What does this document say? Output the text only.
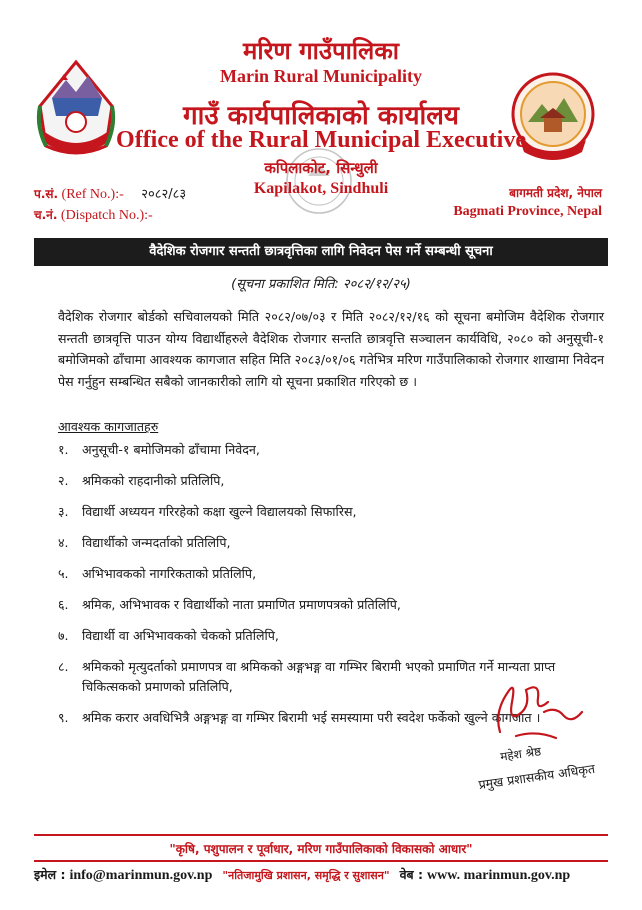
मरिण गाउँपालिका
Marin Rural Municipality
गाउँ कार्यपालिकाको कार्यालय
Office of the Rural Municipal Executive
कपिलाकोट, सिन्धुली
Kapilakot, Sindhuli
प.सं. (Ref No.):- २०८२/८३
च.नं. (Dispatch No.):-
बागमती प्रदेश, नेपाल
Bagmati Province, Nepal
वैदेशिक रोजगार सन्तती छात्रवृत्तिका लागि निवेदन पेस गर्ने सम्बन्धी सूचना
(सूचना प्रकाशित मिति: २०८२/१२/२५)
वैदेशिक रोजगार बोर्डको सचिवालयको मिति २०८२/०७/०३ र मिति २०८२/१२/१६ को सूचना बमोजिम वैदेशिक रोजगार सन्तती छात्रवृत्ति पाउन योग्य विद्यार्थीहरुले वैदेशिक रोजगार सन्तति छात्रवृत्ति सञ्चालन कार्यविधि, २०८० को अनुसूची-१ बमोजिमको ढाँचामा आवश्यक कागजात सहित मिति २०८३/०१/०६ गतेभित्र मरिण गाउँपालिकाको रोजगार शाखामा निवेदन पेस गर्नुहुन सम्बन्धित सबैको जानकारीको लागि यो सूचना प्रकाशित गरिएको छ ।
आवश्यक कागजातहरु
१.	अनुसूची-१ बमोजिमको ढाँचामा निवेदन,
२.	श्रमिकको राहदानीको प्रतिलिपि,
३.	विद्यार्थी अध्ययन गरिरहेको कक्षा खुल्ने विद्यालयको सिफारिस,
४.	विद्यार्थीको जन्मदर्ताको प्रतिलिपि,
५.	अभिभावकको नागरिकताको प्रतिलिपि,
६.	श्रमिक, अभिभावक र विद्यार्थीको नाता प्रमाणित प्रमाणपत्रको प्रतिलिपि,
७.	विद्यार्थी वा अभिभावकको चेकको प्रतिलिपि,
८.	श्रमिकको मृत्युदर्ताको प्रमाणपत्र वा श्रमिकको अङ्गभङ्ग वा गम्भिर बिरामी भएको प्रमाणित गर्ने मान्यता प्राप्त चिकित्सकको प्रमाणको प्रतिलिपि,
९.	श्रमिक करार अवधिभित्रै अङ्गभङ्ग वा गम्भिर बिरामी भई समस्यामा परी स्वदेश फर्केको खुल्ने कागजात ।
महेश श्रेष्ठ
प्रमुख प्रशासकीय अधिकृत
"कृषि, पशुपालन र पूर्वाधार, मरिण गाउँपालिकाको विकासको आधार"
इमेल : info@marinmun.gov.np "नतिजामुखि प्रशासन, समृद्धि र सुशासन" वेब : www. marinmun.gov.np
